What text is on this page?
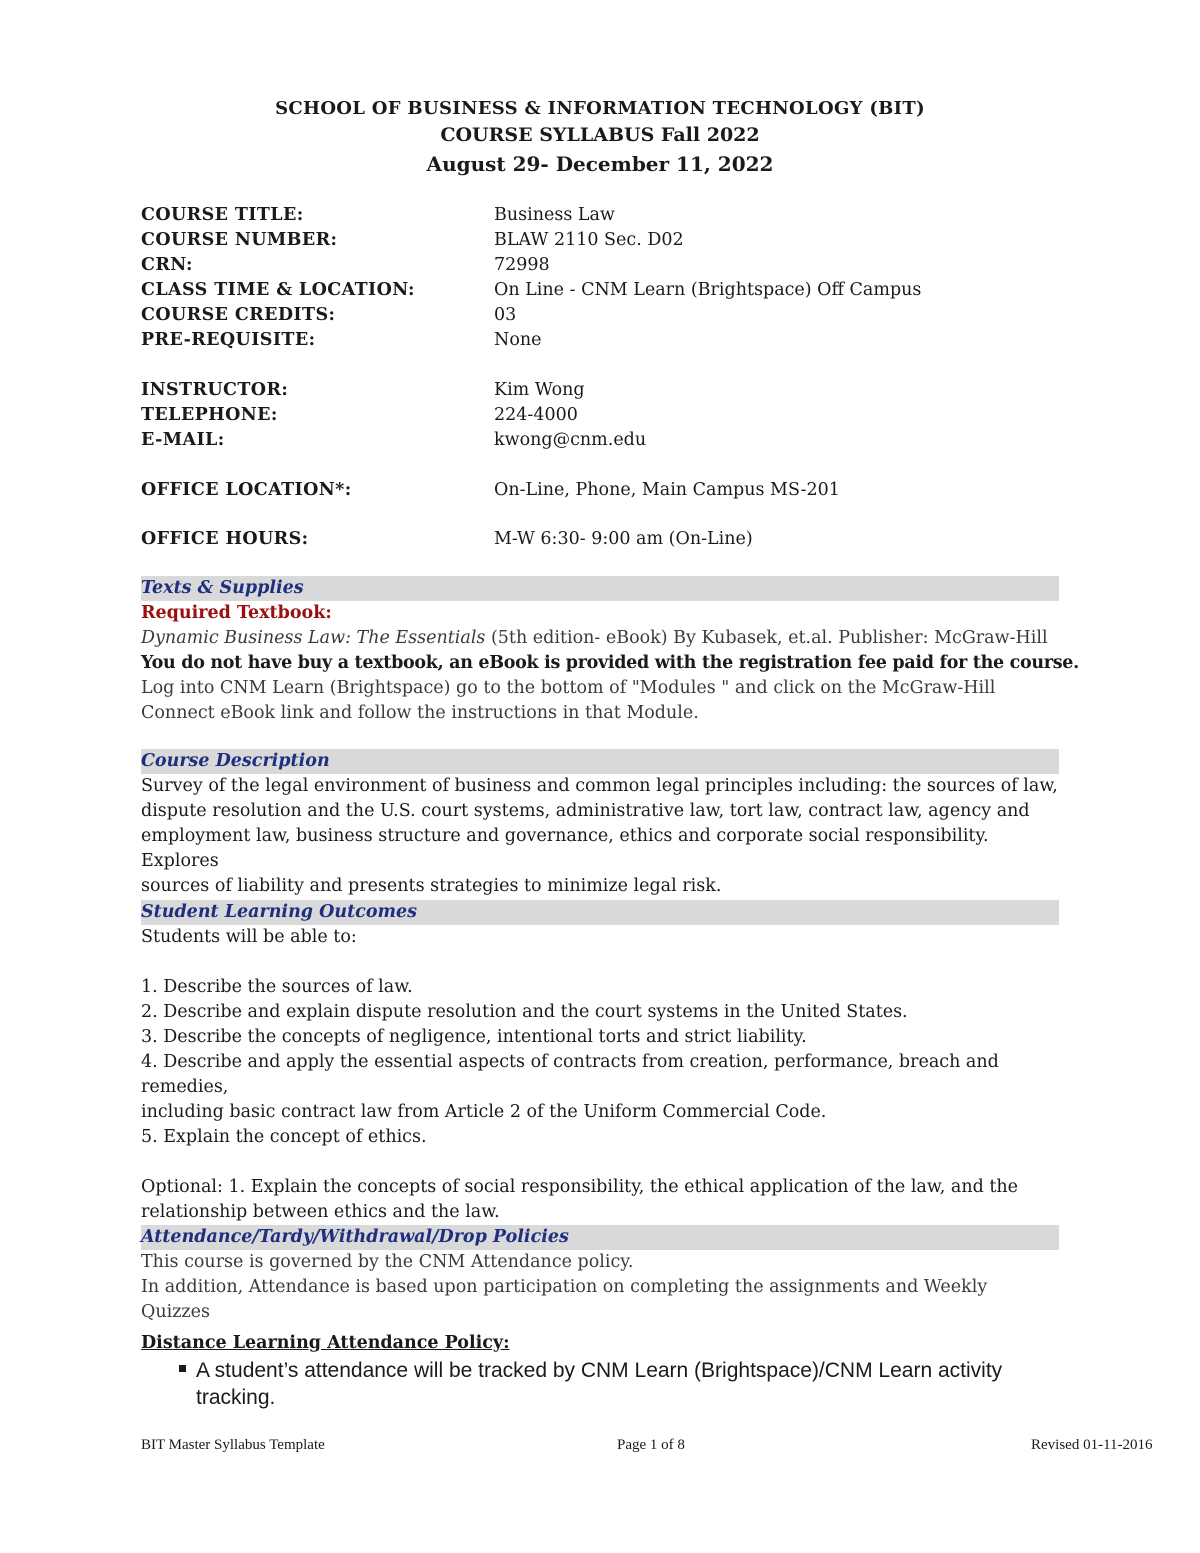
SCHOOL OF BUSINESS & INFORMATION TECHNOLOGY (BIT)
COURSE SYLLABUS Fall 2022
August 29- December 11, 2022
COURSE TITLE:	Business Law
COURSE NUMBER:	BLAW 2110 Sec. D02
CRN:	72998
CLASS TIME & LOCATION:	On Line - CNM Learn (Brightspace) Off Campus
COURSE CREDITS:	03
PRE-REQUISITE:	None
INSTRUCTOR:	Kim Wong
TELEPHONE:	224-4000
E-MAIL:	kwong@cnm.edu
OFFICE LOCATION*:	On-Line, Phone, Main Campus MS-201
OFFICE HOURS:	M-W 6:30- 9:00 am (On-Line)
Texts & Supplies
Required Textbook:
Dynamic Business Law: The Essentials (5th edition- eBook) By Kubasek, et.al. Publisher: McGraw-Hill
You do not have buy a textbook, an eBook is provided with the registration fee paid for the course.
Log into CNM Learn (Brightspace) go to the bottom of "Modules " and click on the McGraw-Hill
Connect eBook link and follow the instructions in that Module.
Course Description
Survey of the legal environment of business and common legal principles including: the sources of law,
dispute resolution and the U.S. court systems, administrative law, tort law, contract law, agency and
employment law, business structure and governance, ethics and corporate social responsibility. Explores
sources of liability and presents strategies to minimize legal risk.
Student Learning Outcomes
Students will be able to:
1. Describe the sources of law.
2. Describe and explain dispute resolution and the court systems in the United States.
3. Describe the concepts of negligence, intentional torts and strict liability.
4. Describe and apply the essential aspects of contracts from creation, performance, breach and remedies,
including basic contract law from Article 2 of the Uniform Commercial Code.
5. Explain the concept of ethics.
Optional: 1. Explain the concepts of social responsibility, the ethical application of the law, and the
relationship between ethics and the law.
Attendance/Tardy/Withdrawal/Drop Policies
This course is governed by the CNM Attendance policy.
In addition, Attendance is based upon participation on completing the assignments and Weekly Quizzes
Distance Learning Attendance Policy:
A student’s attendance will be tracked by CNM Learn (Brightspace)/CNM Learn activity tracking.
BIT Master Syllabus Template	Page 1 of 8	Revised 01-11-2016
